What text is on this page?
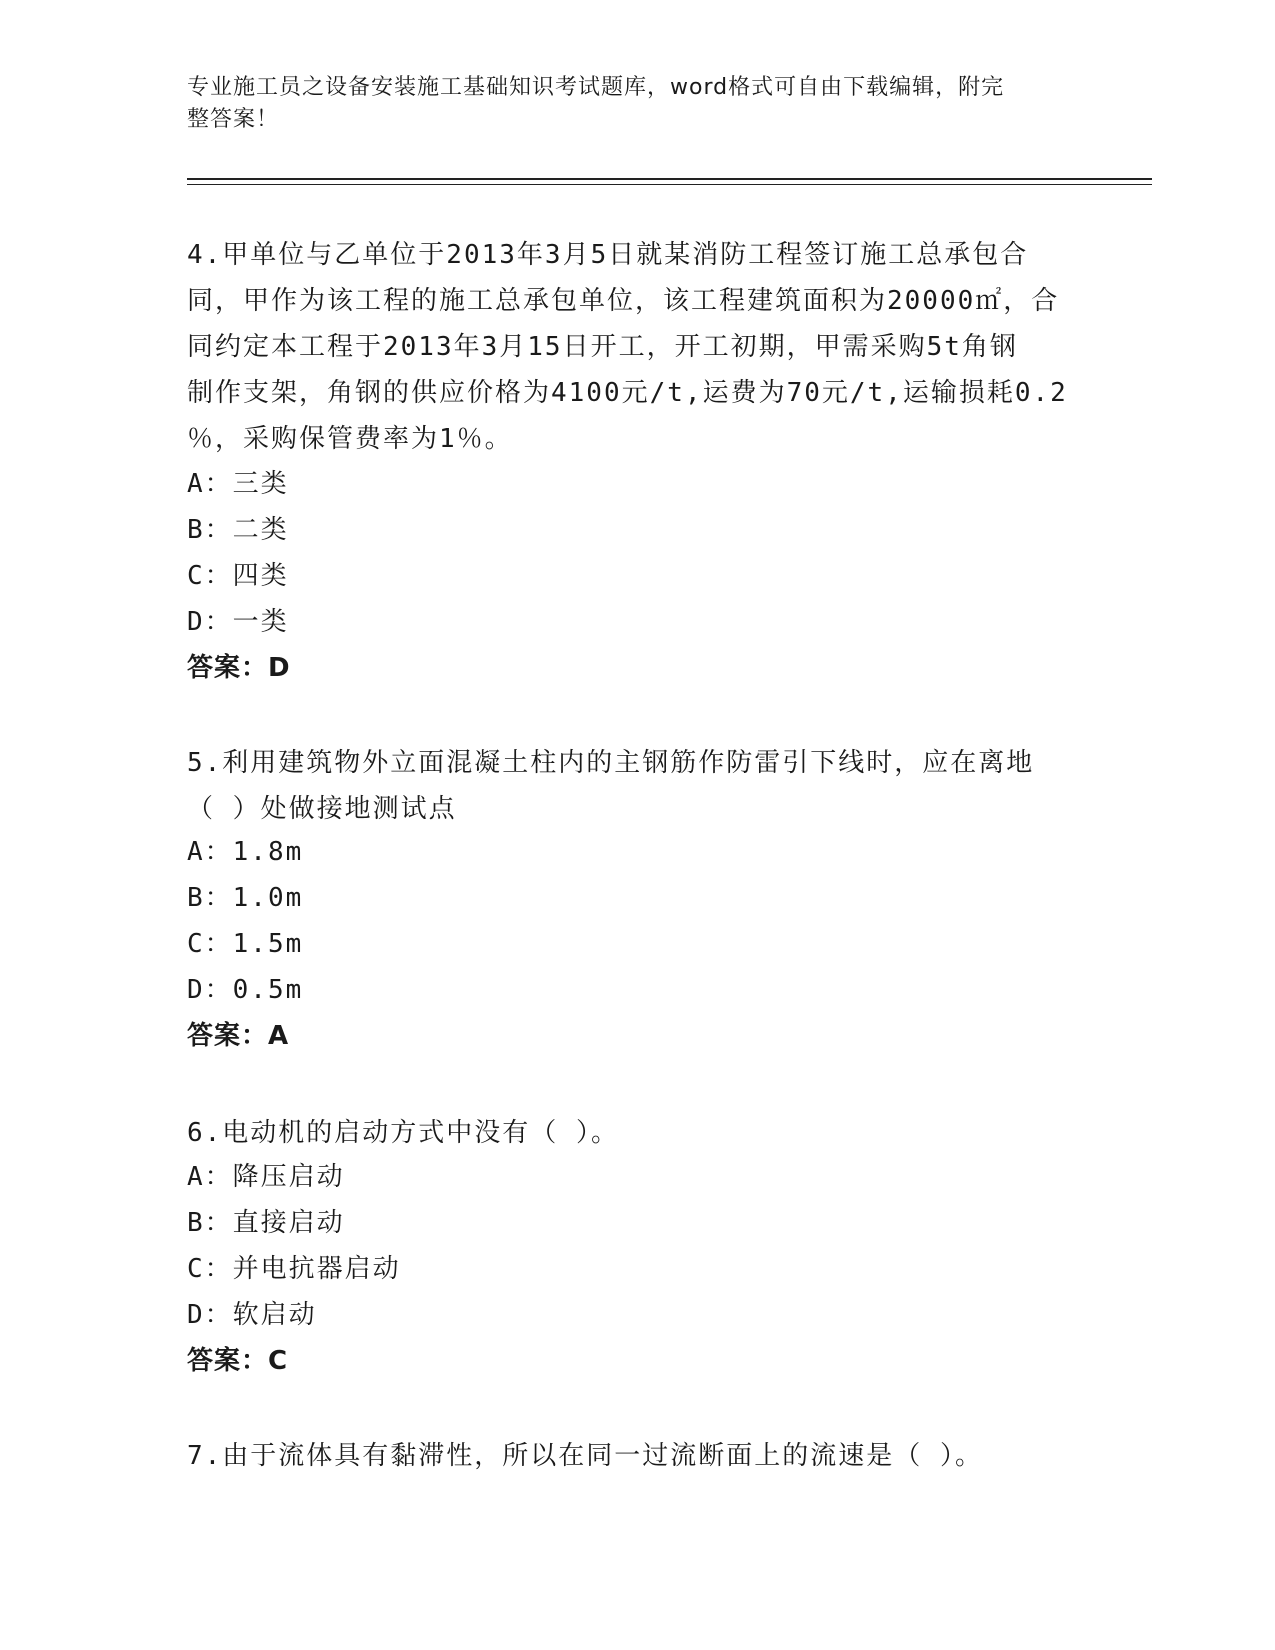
专业施工员之设备安装施工基础知识考试题库，word格式可自由下载编辑，附完
整答案！
4.甲单位与乙单位于2013年3月5日就某消防工程签订施工总承包合
同，甲作为该工程的施工总承包单位，该工程建筑面积为20000㎡，合
同约定本工程于2013年3月15日开工，开工初期，甲需采购5t角钢
制作支架，角钢的供应价格为4100元/t,运费为70元/t,运输损耗0.2
％，采购保管费率为1％。
A：三类
B：二类
C：四类
D：一类
答案：D
5.利用建筑物外立面混凝土柱内的主钢筋作防雷引下线时，应在离地
（ ）处做接地测试点
A：1.8m
B：1.0m
C：1.5m
D：0.5m
答案：A
6.电动机的启动方式中没有（ ）。
A：降压启动
B：直接启动
C：并电抗器启动
D：软启动
答案：C
7.由于流体具有黏滞性，所以在同一过流断面上的流速是（ ）。
